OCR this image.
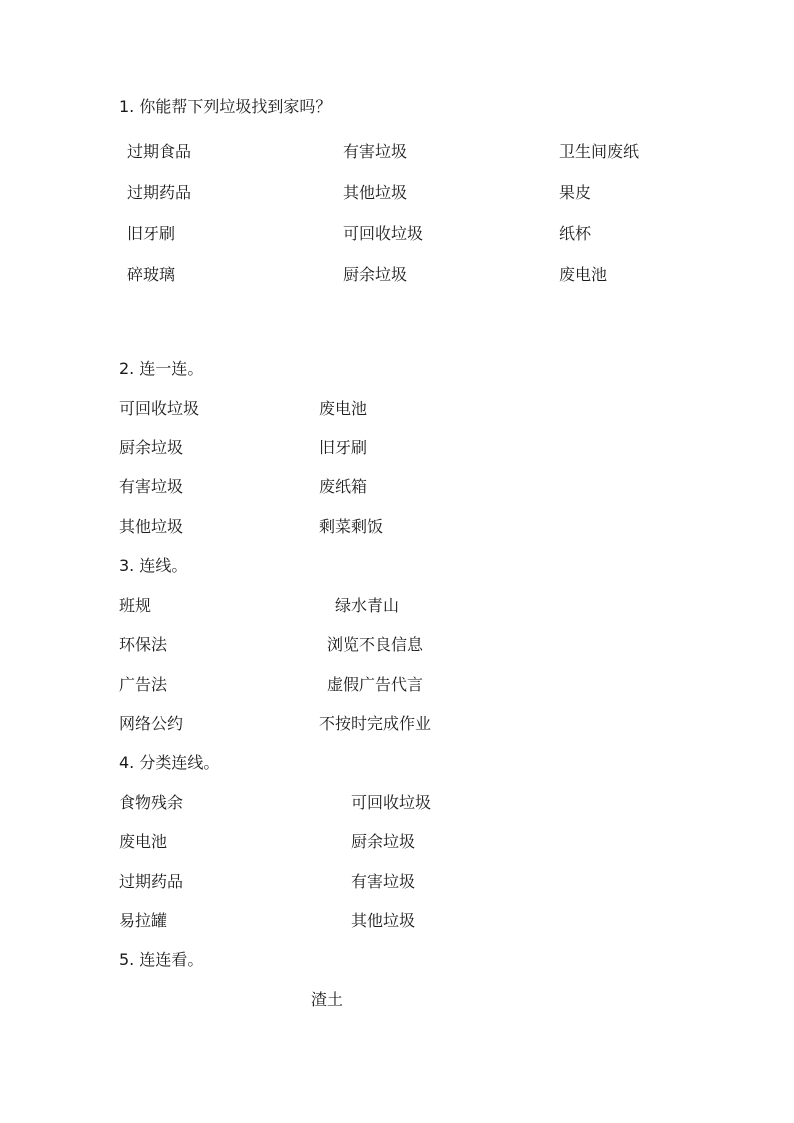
1. 你能帮下列垃圾找到家吗？
过期食品	有害垃圾	卫生间废纸
过期药品	其他垃圾	果皮
旧牙刷	可回收垃圾	纸杯
碎玻璃	厨余垃圾	废电池
2. 连一连。
可回收垃圾	废电池
厨余垃圾	旧牙刷
有害垃圾	废纸箱
其他垃圾	剩菜剩饭
3. 连线。
班规	绿水青山
环保法	浏览不良信息
广告法	虚假广告代言
网络公约	不按时完成作业
4. 分类连线。
食物残余	可回收垃圾
废电池	厨余垃圾
过期药品	有害垃圾
易拉罐	其他垃圾
5. 连连看。
渣土
